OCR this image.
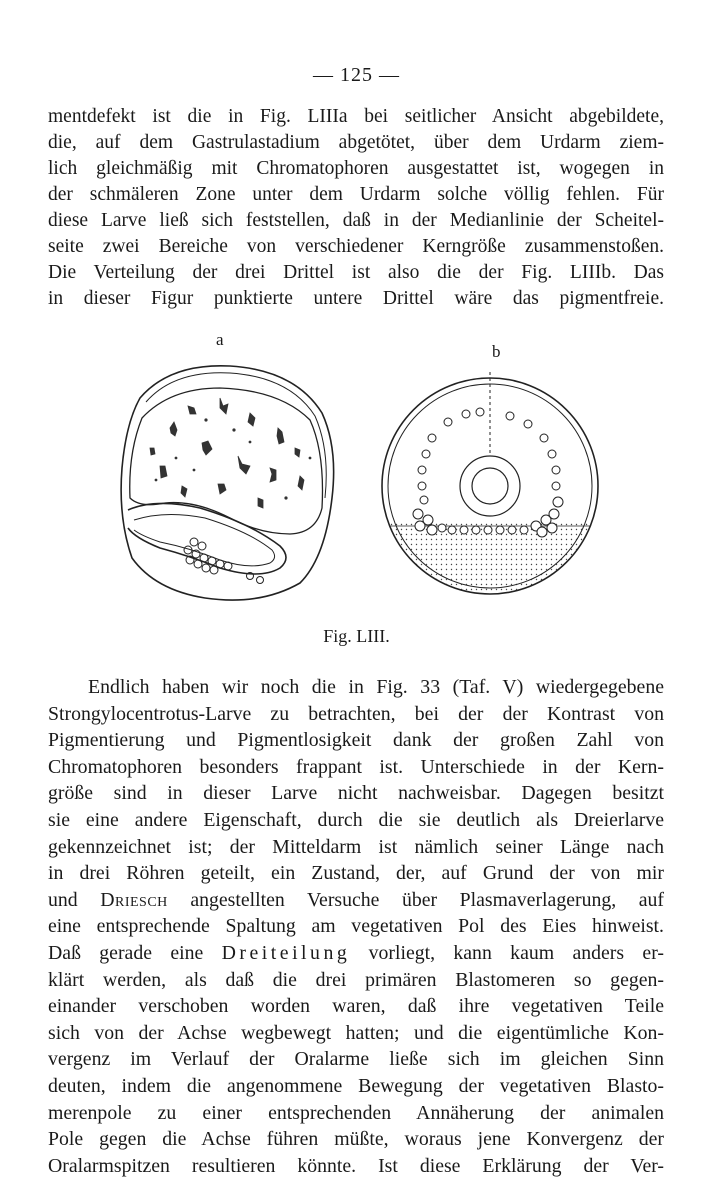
— 125 —

mentdefekt ist die in Fig. LIIIa bei seitlicher Ansicht abgebildete,
die, auf dem Gastrulastadium abgetötet, über dem Urdarm ziem-
lich gleichmäßig mit Chromatophoren ausgestattet ist, wogegen in
der schmäleren Zone unter dem Urdarm solche völlig fehlen. Für
diese Larve ließ sich feststellen, daß in der Medianlinie der Scheitel-
seite zwei Bereiche von verschiedener Kerngröße zusammenstoßen.
Die Verteilung der drei Drittel ist also die der Fig. LIIIb. Das
in dieser Figur punktierte untere Drittel wäre das pigmentfreie.

a
b
Fig. LIII.

Endlich haben wir noch die in Fig. 33 (Taf. V) wiedergegebene
Strongylocentrotus-Larve zu betrachten, bei der der Kontrast von
Pigmentierung und Pigmentlosigkeit dank der großen Zahl von
Chromatophoren besonders frappant ist. Unterschiede in der Kern-
größe sind in dieser Larve nicht nachweisbar. Dagegen besitzt
sie eine andere Eigenschaft, durch die sie deutlich als Dreierlarve
gekennzeichnet ist; der Mitteldarm ist nämlich seiner Länge nach
in drei Röhren geteilt, ein Zustand, der, auf Grund der von mir
und Driesch angestellten Versuche über Plasmaverlagerung, auf
eine entsprechende Spaltung am vegetativen Pol des Eies hinweist.
Daß gerade eine Dreiteilung vorliegt, kann kaum anders er-
klärt werden, als daß die drei primären Blastomeren so gegen-
einander verschoben worden waren, daß ihre vegetativen Teile
sich von der Achse wegbewegt hatten; und die eigentümliche Kon-
vergenz im Verlauf der Oralarme ließe sich im gleichen Sinn
deuten, indem die angenommene Bewegung der vegetativen Blasto-
merenpole zu einer entsprechenden Annäherung der animalen
Pole gegen die Achse führen müßte, woraus jene Konvergenz der
Oralarmspitzen resultieren könnte. Ist diese Erklärung der Ver-
